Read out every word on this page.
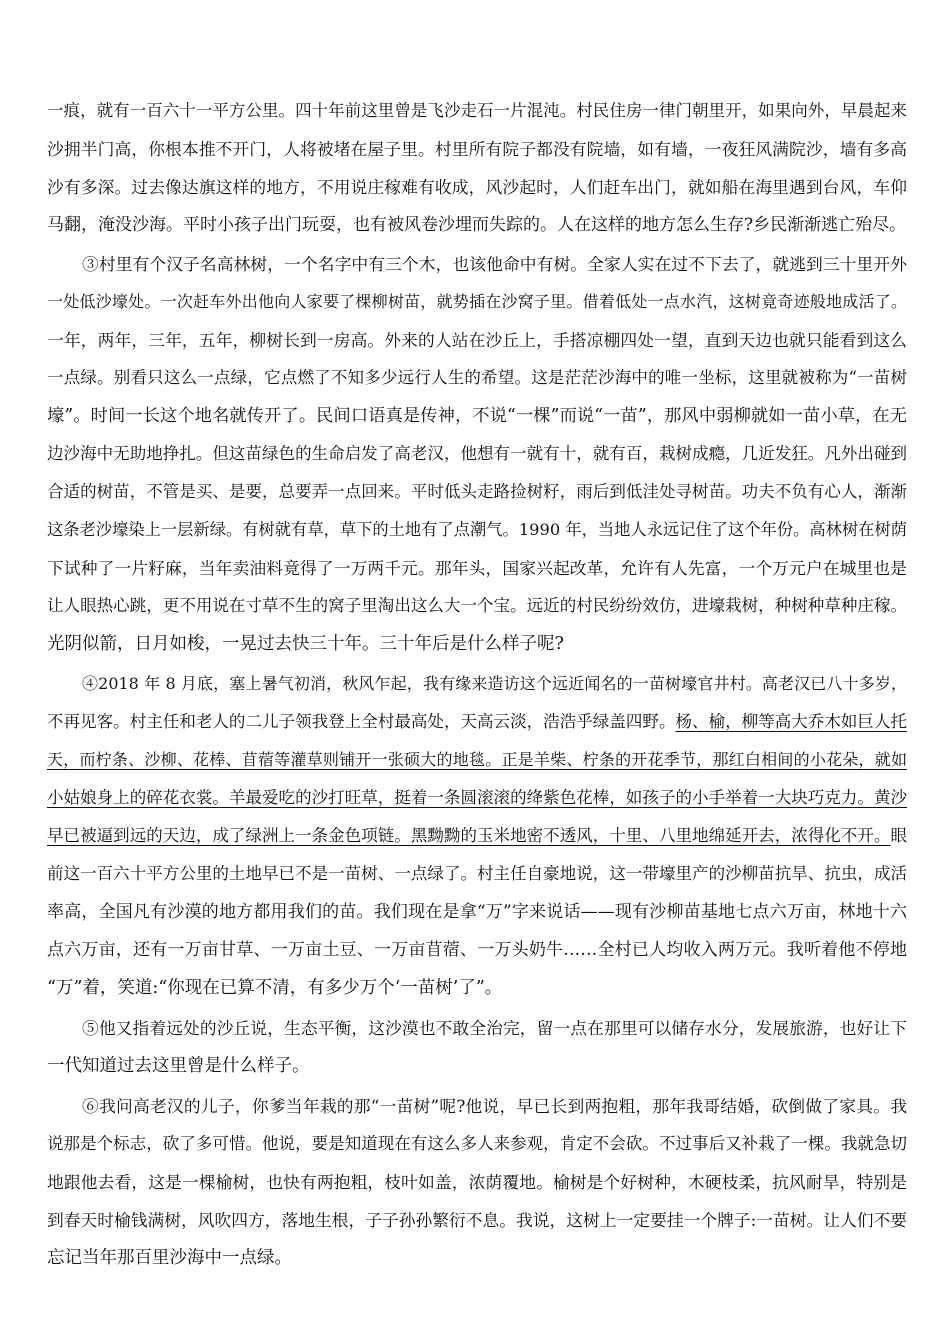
一痕，就有一百六十一平方公里。四十年前这里曾是飞沙走石一片混沌。村民住房一律门朝里开，如果向外，早晨起来
沙拥半门高，你根本推不开门，人将被堵在屋子里。村里所有院子都没有院墙，如有墙，一夜狂风满院沙，墙有多高
沙有多深。过去像达旗这样的地方，不用说庄稼难有收成，风沙起时，人们赶车出门，就如船在海里遇到台风，车仰
马翻，淹没沙海。平时小孩子出门玩耍，也有被风卷沙埋而失踪的。人在这样的地方怎么生存?乡民渐渐逃亡殆尽。
③村里有个汉子名高林树，一个名字中有三个木，也该他命中有树。全家人实在过不下去了，就逃到三十里开外
一处低沙壕处。一次赶车外出他向人家要了棵柳树苗，就势插在沙窝子里。借着低处一点水汽，这树竟奇迹般地成活了。
一年，两年，三年，五年，柳树长到一房高。外来的人站在沙丘上，手搭凉棚四处一望，直到天边也就只能看到这么
一点绿。别看只这么一点绿，它点燃了不知多少远行人生的希望。这是茫茫沙海中的唯一坐标，这里就被称为“一苗树
壕”。时间一长这个地名就传开了。民间口语真是传神，不说“一棵”而说“一苗”，那风中弱柳就如一苗小草，在无
边沙海中无助地挣扎。但这苗绿色的生命启发了高老汉，他想有一就有十，就有百，栽树成瘾，几近发狂。凡外出碰到
合适的树苗，不管是买、是要，总要弄一点回来。平时低头走路捡树籽，雨后到低洼处寻树苗。功夫不负有心人，渐渐
这条老沙壕染上一层新绿。有树就有草，草下的土地有了点潮气。1990 年，当地人永远记住了这个年份。高林树在树荫
下试种了一片籽麻，当年卖油料竟得了一万两千元。那年头，国家兴起改革，允许有人先富，一个万元户在城里也是
让人眼热心跳，更不用说在寸草不生的窝子里淘出这么大一个宝。远近的村民纷纷效仿，进壕栽树，种树种草种庄稼。
光阴似箭，日月如梭，一晃过去快三十年。三十年后是什么样子呢?
④2018 年 8 月底，塞上暑气初消，秋风乍起，我有缘来造访这个远近闻名的一苗树壕官井村。高老汉已八十多岁，
不再见客。村主任和老人的二儿子领我登上全村最高处，天高云淡，浩浩乎绿盖四野。杨、榆，柳等高大乔木如巨人托
天，而柠条、沙柳、花棒、苜蓿等灌草则铺开一张硕大的地毯。正是羊柴、柠条的开花季节，那红白相间的小花朵，就如
小姑娘身上的碎花衣裳。羊最爱吃的沙打旺草，挺着一条圆滚滚的绛紫色花棒，如孩子的小手举着一大块巧克力。黄沙
早已被逼到远的天边，成了绿洲上一条金色项链。黑黝黝的玉米地密不透风，十里、八里地绵延开去，浓得化不开。眼
前这一百六十平方公里的土地早已不是一苗树、一点绿了。村主任自豪地说，这一带壕里产的沙柳苗抗旱、抗虫，成活
率高，全国凡有沙漠的地方都用我们的苗。我们现在是拿“万”字来说话——现有沙柳苗基地七点六万亩，林地十六
点六万亩，还有一万亩甘草、一万亩土豆、一万亩苜蓿、一万头奶牛……全村已人均收入两万元。我听着他不停地
“万”着，笑道:“你现在已算不清，有多少万个‘一苗树’了”。
⑤他又指着远处的沙丘说，生态平衡，这沙漠也不敢全治完，留一点在那里可以储存水分，发展旅游，也好让下
一代知道过去这里曾是什么样子。
⑥我问高老汉的儿子，你爹当年栽的那“一苗树”呢?他说，早已长到两抱粗，那年我哥结婚，砍倒做了家具。我
说那是个标志，砍了多可惜。他说，要是知道现在有这么多人来参观，肯定不会砍。不过事后又补栽了一棵。我就急切
地跟他去看，这是一棵榆树，也快有两抱粗，枝叶如盖，浓荫覆地。榆树是个好树种，木硬枝柔，抗风耐旱，特别是
到春天时榆钱满树，风吹四方，落地生根，子子孙孙繁衍不息。我说，这树上一定要挂一个牌子:一苗树。让人们不要
忘记当年那百里沙海中一点绿。
